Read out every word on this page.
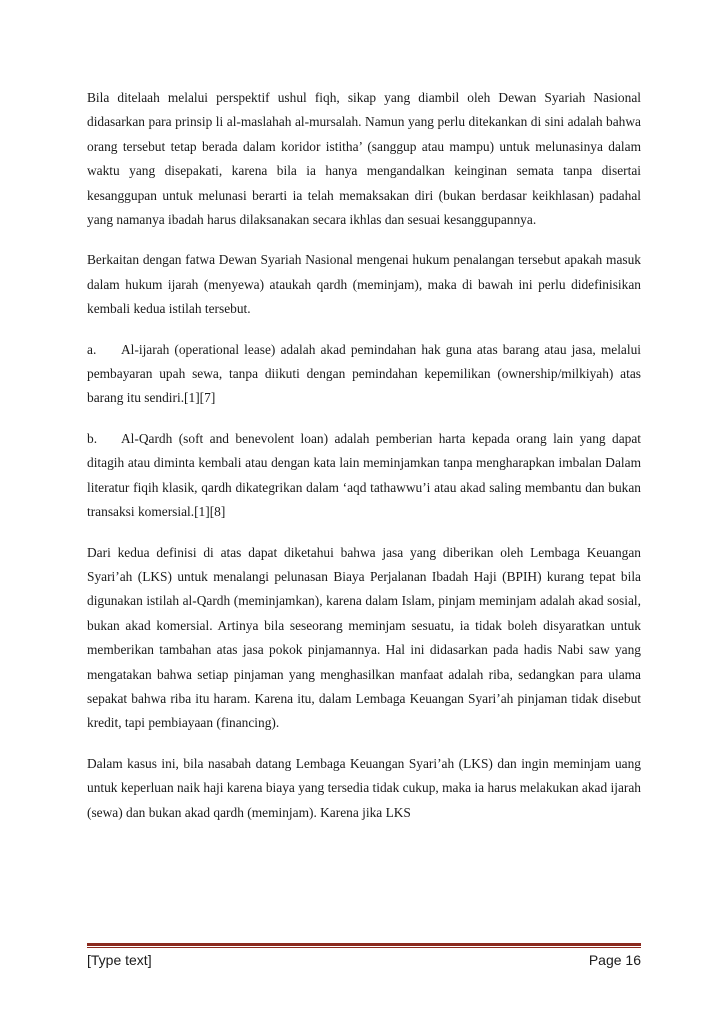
Bila ditelaah melalui perspektif ushul fiqh, sikap yang diambil oleh Dewan Syariah Nasional didasarkan para prinsip li al-maslahah al-mursalah. Namun yang perlu ditekankan di sini adalah bahwa orang tersebut tetap berada dalam koridor istitha’ (sanggup atau mampu) untuk melunasinya dalam waktu yang disepakati, karena bila ia hanya mengandalkan keinginan semata tanpa disertai kesanggupan untuk melunasi berarti ia telah memaksakan diri (bukan berdasar keikhlasan) padahal yang namanya ibadah harus dilaksanakan secara ikhlas dan sesuai kesanggupannya.

Berkaitan dengan fatwa Dewan Syariah Nasional mengenai hukum penalangan tersebut apakah masuk dalam hukum ijarah (menyewa) ataukah qardh (meminjam), maka di bawah ini perlu didefinisikan kembali kedua istilah tersebut.

a. Al-ijarah (operational lease) adalah akad pemindahan hak guna atas barang atau jasa, melalui pembayaran upah sewa, tanpa diikuti dengan pemindahan kepemilikan (ownership/milkiyah) atas barang itu sendiri.[1][7]

b. Al-Qardh (soft and benevolent loan) adalah pemberian harta kepada orang lain yang dapat ditagih atau diminta kembali atau dengan kata lain meminjamkan tanpa mengharapkan imbalan Dalam literatur fiqih klasik, qardh dikategrikan dalam ‘aqd tathawwu’i atau akad saling membantu dan bukan transaksi komersial.[1][8]

Dari kedua definisi di atas dapat diketahui bahwa jasa yang diberikan oleh Lembaga Keuangan Syari’ah (LKS) untuk menalangi pelunasan Biaya Perjalanan Ibadah Haji (BPIH) kurang tepat bila digunakan istilah al-Qardh (meminjamkan), karena dalam Islam, pinjam meminjam adalah akad sosial, bukan akad komersial. Artinya bila seseorang meminjam sesuatu, ia tidak boleh disyaratkan untuk memberikan tambahan atas jasa pokok pinjamannya. Hal ini didasarkan pada hadis Nabi saw yang mengatakan bahwa setiap pinjaman yang menghasilkan manfaat adalah riba, sedangkan para ulama sepakat bahwa riba itu haram. Karena itu, dalam Lembaga Keuangan Syari’ah pinjaman tidak disebut kredit, tapi pembiayaan (financing).

Dalam kasus ini, bila nasabah datang Lembaga Keuangan Syari’ah (LKS) dan ingin meminjam uang untuk keperluan naik haji karena biaya yang tersedia tidak cukup, maka ia harus melakukan akad ijarah (sewa) dan bukan akad qardh (meminjam). Karena jika LKS

[Type text]	Page 16
